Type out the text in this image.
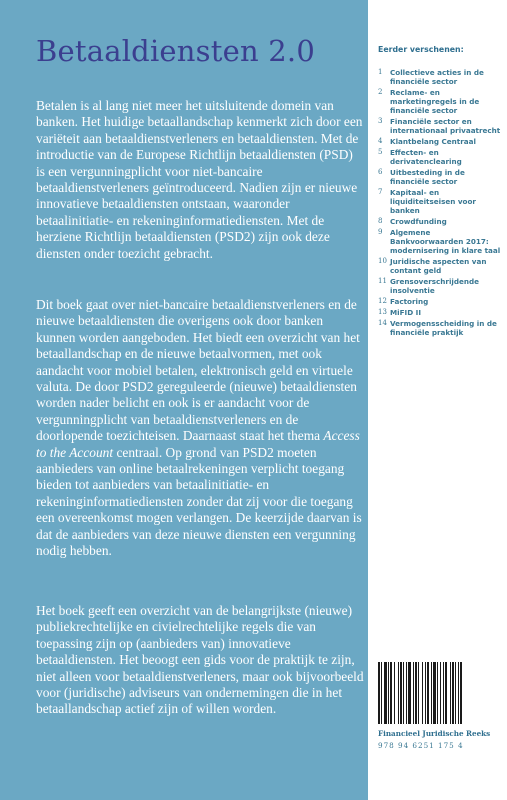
Betaaldiensten 2.0

Betalen is al lang niet meer het uitsluitende domein van banken. Het huidige betaallandschap kenmerkt zich door een variëteit aan betaaldienstverleners en betaaldiensten. Met de introductie van de Europese Richtlijn betaaldiensten (PSD) is een vergunningplicht voor niet-bancaire betaaldienstverleners geïntroduceerd. Nadien zijn er nieuwe innovatieve betaaldiensten ontstaan, waaronder betaalinitiatie- en rekeninginformatiediensten. Met de herziene Richtlijn betaaldiensten (PSD2) zijn ook deze diensten onder toezicht gebracht.

Dit boek gaat over niet-bancaire betaaldienstverleners en de nieuwe betaaldiensten die overigens ook door banken kunnen worden aangeboden. Het biedt een overzicht van het betaallandschap en de nieuwe betaalvormen, met ook aandacht voor mobiel betalen, elektronisch geld en virtuele valuta. De door PSD2 gereguleerde (nieuwe) betaaldiensten worden nader belicht en ook is er aandacht voor de vergunningplicht van betaaldienstverleners en de doorlopende toezichteisen. Daarnaast staat het thema Access to the Account centraal. Op grond van PSD2 moeten aanbieders van online betaalrekeningen verplicht toegang bieden tot aanbieders van betaalinitiatie- en rekeninginformatiediensten zonder dat zij voor die toegang een overeenkomst mogen verlangen. De keerzijde daarvan is dat de aanbieders van deze nieuwe diensten een vergunning nodig hebben.

Het boek geeft een overzicht van de belangrijkste (nieuwe) publiekrechtelijke en civielrechtelijke regels die van toepassing zijn op (aanbieders van) innovatieve betaaldiensten. Het beoogt een gids voor de praktijk te zijn, niet alleen voor betaaldienstverleners, maar ook bijvoorbeeld voor (juridische) adviseurs van ondernemingen die in het betaallandschap actief zijn of willen worden.

Eerder verschenen:

1	Collectieve acties in de financiële sector
2	Reclame- en marketingregels in de financiële sector
3	Financiële sector en internationaal privaatrecht
4	Klantbelang Centraal
5	Effecten- en derivatenclearing
6	Uitbesteding in de financiële sector
7	Kapitaal- en liquiditeitseisen voor banken
8	Crowdfunding
9	Algemene Bankvoorwaarden 2017: modernisering in klare taal
10 Juridische aspecten van contant geld
11 Grensoverschrijdende insolventie
12 Factoring
13 MiFID II
14 Vermogensscheiding in de financiële praktijk

Financieel Juridische Reeks

978 94 6251 175 4
